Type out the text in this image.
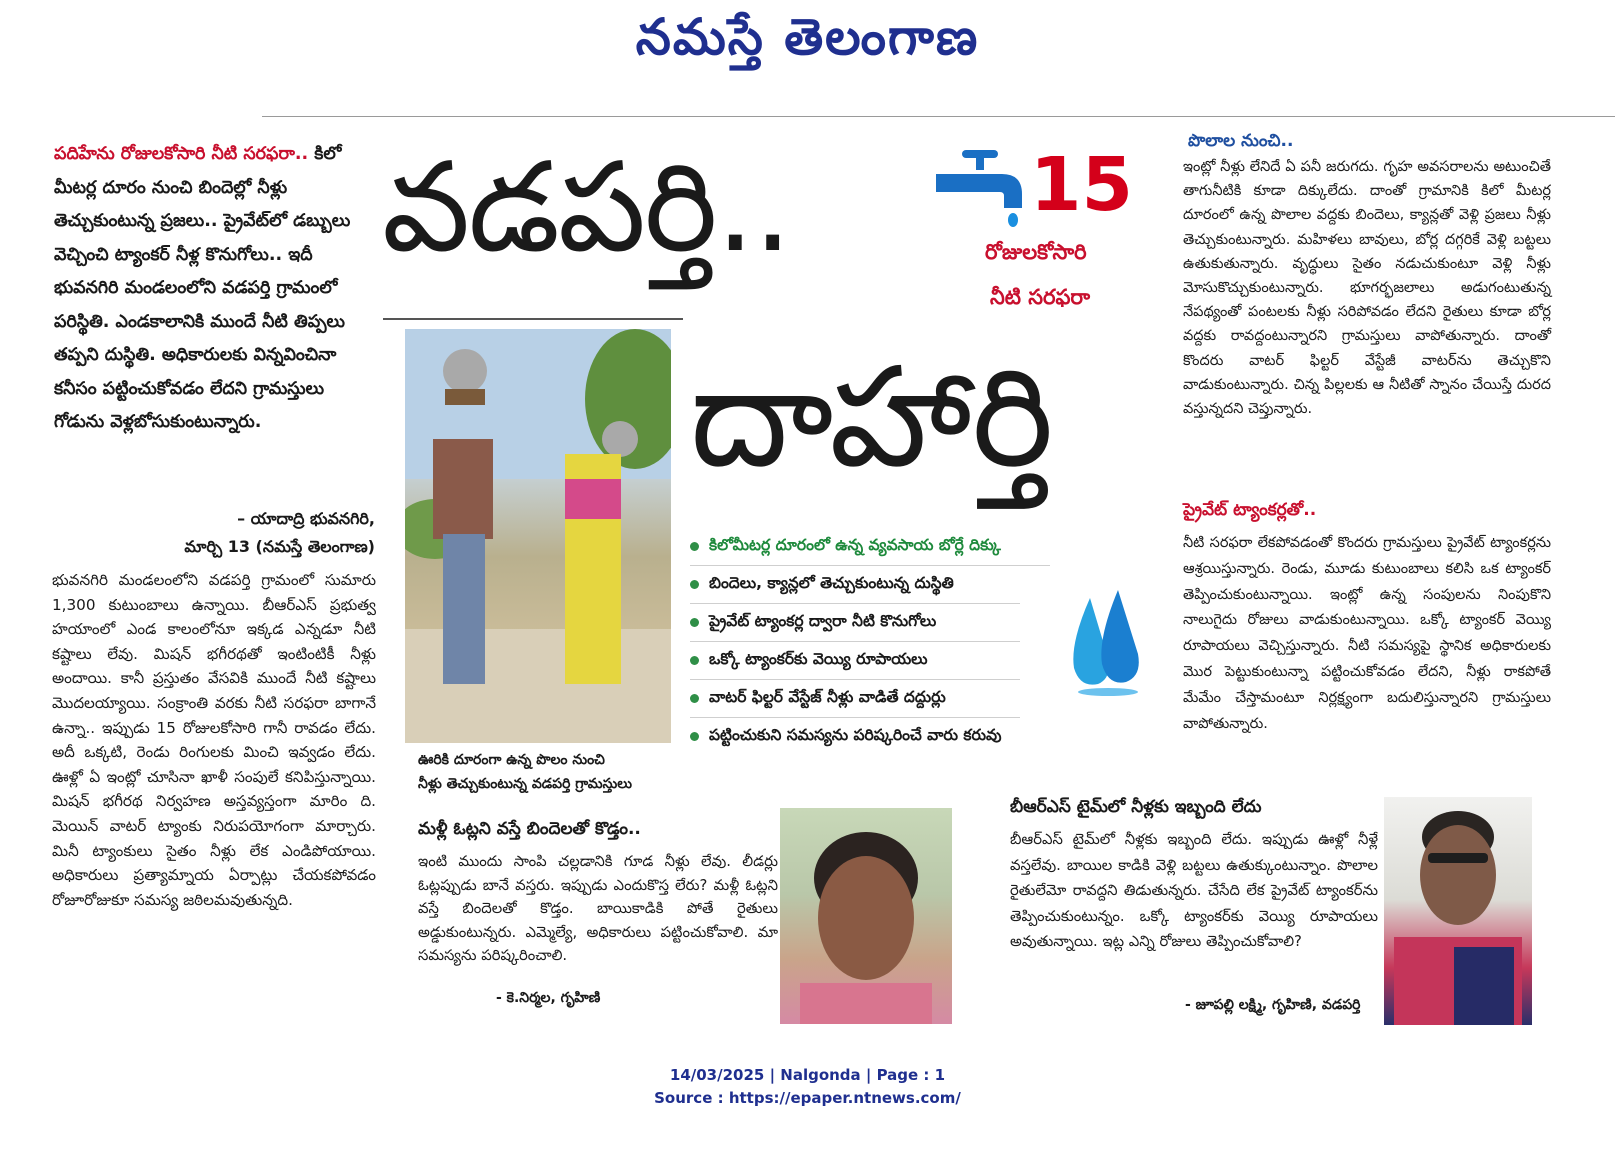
నమస్తే తెలంగాణ
పదిహేను రోజులకోసారి నీటి సరఫరా.. కిలో మీటర్ల దూరం నుంచి బిందెల్లో నీళ్లు తెచ్చుకుంటున్న ప్రజలు.. ప్రైవేట్‌లో డబ్బులు వెచ్చించి ట్యాంకర్ నీళ్ల కొనుగోలు.. ఇదీ భువనగిరి మండలంలోని వడపర్తి గ్రామంలో పరిస్థితి. ఎండకాలానికి ముందే నీటి తిప్పలు తప్పని దుస్థితి. అధికారులకు విన్నవించినా కనీసం పట్టించుకోవడం లేదని గ్రామస్తులు గోడును వెళ్లబోసుకుంటున్నారు.
– యాదాద్రి భువనగిరి,
మార్చి 13 (నమస్తే తెలంగాణ)
భువనగిరి మండలంలోని వడపర్తి గ్రామంలో సుమారు 1,300 కుటుంబాలు ఉన్నాయి. బీఆర్‌ఎస్ ప్రభుత్వ హయాంలో ఎండ కాలంలోనూ ఇక్కడ ఎన్నడూ నీటి కష్టాలు లేవు. మిషన్ భగీరథతో ఇంటింటికీ నీళ్లు అందాయి. కానీ ప్రస్తుతం వేసవికి ముందే నీటి కష్టాలు మొదలయ్యాయి. సంక్రాంతి వరకు నీటి సరఫరా బాగానే ఉన్నా.. ఇప్పుడు 15 రోజులకోసారి గానీ రావడం లేదు. అదీ ఒక్కటి, రెండు రింగులకు మించి ఇవ్వడం లేదు. ఊళ్లో ఏ ఇంట్లో చూసినా ఖాళీ సంపులే కనిపిస్తున్నాయి. మిషన్ భగీరథ నిర్వహణ అస్తవ్యస్తంగా మారిం ది. మెయిన్ వాటర్ ట్యాంకు నిరుపయోగంగా మార్చారు. మినీ ట్యాంకులు సైతం నీళ్లు లేక ఎండిపోయాయి. అధికారులు ప్రత్యామ్నాయ ఏర్పాట్లు చేయకపోవడం రోజూరోజుకూ సమస్య జఠిలమవుతున్నది.
వడపర్తి..
దాహార్తి
15
రోజులకోసారి
నీటి సరఫరా
ఊరికి దూరంగా ఉన్న పొలం నుంచి
నీళ్లు తెచ్చుకుంటున్న వడపర్తి గ్రామస్తులు
కిలోమీటర్ల దూరంలో ఉన్న వ్యవసాయ బోర్లే దిక్కు
బిందెలు, క్యాన్లలో తెచ్చుకుంటున్న దుస్థితి
ప్రైవేట్ ట్యాంకర్ల ద్వారా నీటి కొనుగోలు
ఒక్కో ట్యాంకర్‌కు వెయ్యి రూపాయలు
వాటర్ ఫిల్టర్ వేస్టేజ్ నీళ్లు వాడితే దద్దుర్లు
పట్టించుకుని సమస్యను పరిష్కరించే వారు కరువు
పొలాల నుంచి..
ఇంట్లో నీళ్లు లేనిదే ఏ పనీ జరుగదు. గృహ అవసరాలను అటుంచితే తాగునీటికి కూడా దిక్కులేదు. దాంతో గ్రామానికి కిలో మీటర్ల దూరంలో ఉన్న పొలాల వద్దకు బిందెలు, క్యాన్లతో వెళ్లి ప్రజలు నీళ్లు తెచ్చుకుంటున్నారు. మహిళలు బావులు, బోర్ల దగ్గరికే వెళ్లి బట్టలు ఉతుకుతున్నారు. వృద్ధులు సైతం నడుచుకుంటూ వెళ్లి నీళ్లు మోసుకొచ్చుకుంటున్నారు. భూగర్భజలాలు అడుగంటుతున్న నేపథ్యంతో పంటలకు నీళ్లు సరిపోవడం లేదని రైతులు కూడా బోర్ల వద్దకు రావద్దంటున్నారని గ్రామస్తులు వాపోతున్నారు. దాంతో కొందరు వాటర్ ఫిల్టర్ వేస్టేజీ వాటర్‌ను తెచ్చుకొని వాడుకుంటున్నారు. చిన్న పిల్లలకు ఆ నీటితో స్నానం చేయిస్తే దురద వస్తున్నదని చెప్తున్నారు.
ప్రైవేట్ ట్యాంకర్లతో..
నీటి సరఫరా లేకపోవడంతో కొందరు గ్రామస్తులు ప్రైవేట్ ట్యాంకర్లను ఆశ్రయిస్తున్నారు. రెండు, మూడు కుటుంబాలు కలిసి ఒక ట్యాంకర్ తెప్పించుకుంటున్నాయి. ఇంట్లో ఉన్న సంపులను నింపుకొని నాలుగైదు రోజులు వాడుకుంటున్నాయి. ఒక్కో ట్యాంకర్ వెయ్యి రూపాయలు వెచ్చిస్తున్నారు. నీటి సమస్యపై స్థానిక అధికారులకు మొర పెట్టుకుంటున్నా పట్టించుకోవడం లేదని, నీళ్లు రాకపోతే మేమేం చేస్తామంటూ నిర్లక్ష్యంగా బదులిస్తున్నారని గ్రామస్తులు వాపోతున్నారు.
మళ్లీ ఓట్లని వస్తే బిందెలతో కొడ్తం..
ఇంటి ముందు సాంపి చల్లడానికి గూడ నీళ్లు లేవు. లీడర్లు ఓట్లప్పుడు బానే వస్తరు. ఇప్పుడు ఎందుకొస్త లేరు? మళ్లీ ఓట్లని వస్తే బిందెలతో కొడ్తం. బాయికాడికి పోతే రైతులు అడ్డుకుంటున్నరు. ఎమ్మెల్యే, అధికారులు పట్టించుకోవాలి. మా సమస్యను పరిష్కరించాలి.
- కె.నిర్మల, గృహిణి
బీఆర్‌ఎస్ టైమ్‌లో నీళ్లకు ఇబ్బంది లేదు
బీఆర్‌ఎస్ టైమ్‌లో నీళ్లకు ఇబ్బంది లేదు. ఇప్పుడు ఊళ్లో నీళ్లే వస్తలేవు. బాయిల కాడికి వెళ్లి బట్టలు ఉతుక్కుంటున్నాం. పొలాల రైతులేమో రావద్దని తిడుతున్నరు. చేసేది లేక ప్రైవేట్ ట్యాంకర్‌ను తెప్పించుకుంటున్నం. ఒక్కో ట్యాంకర్‌కు వెయ్యి రూపాయలు అవుతున్నాయి. ఇట్ల ఎన్ని రోజులు తెప్పించుకోవాలి?
- జూపల్లి లక్ష్మి, గృహిణి, వడపర్తి
14/03/2025 | Nalgonda | Page : 1
Source : https://epaper.ntnews.com/
